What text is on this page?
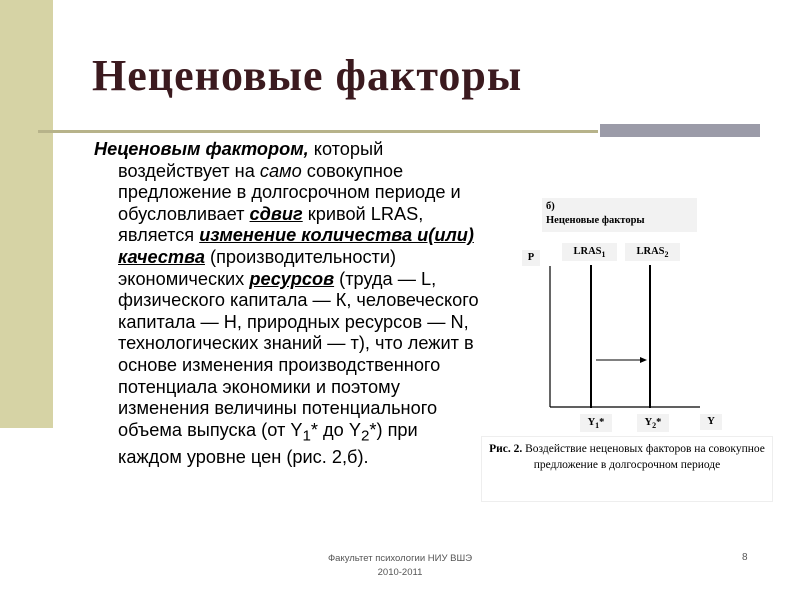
Неценовые факторы

Неценовым фактором, который воздействует на само совокупное предложение в долгосрочном периоде и обусловливает сдвиг кривой LRAS, является изменение количества и(или) качества (производительности) экономических ресурсов (труда — L, физического капитала — К, человеческого капитала — Н, природных ресурсов — N, технологических знаний — т), что лежит в основе изменения производственного потенциала экономики и поэтому изменения величины потенциального объема выпуска (от $Y_1*$ до $Y_2*$) при каждом уровне цен (рис. 2,б).

б)
Неценовые факторы
P
$LRAS_1$	$LRAS_2$
Y
$Y_1*$	$Y_2*$
Рис. 2. Воздействие неценовых факторов на совокупное предложение в долгосрочном периоде
Факультет психологии НИУ ВШЭ
2010-2011
8
